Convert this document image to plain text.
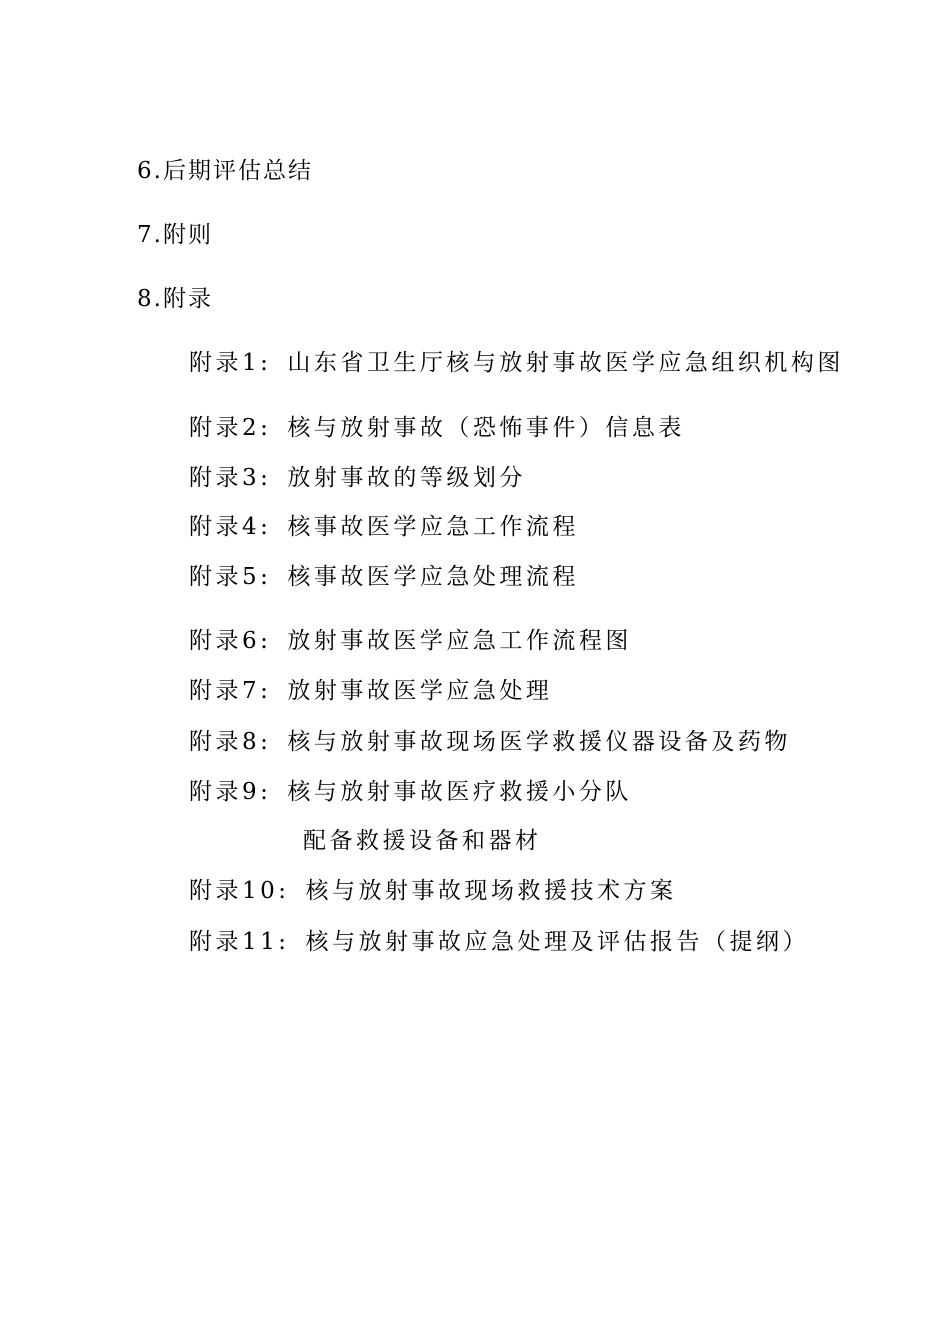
6.后期评估总结
7.附则
8.附录
附录1: 山东省卫生厅核与放射事故医学应急组织机构图
附录2: 核与放射事故（恐怖事件）信息表
附录3: 放射事故的等级划分
附录4: 核事故医学应急工作流程
附录5: 核事故医学应急处理流程
附录6: 放射事故医学应急工作流程图
附录7: 放射事故医学应急处理
附录8: 核与放射事故现场医学救援仪器设备及药物
附录9: 核与放射事故医疗救援小分队
配备救援设备和器材
附录10: 核与放射事故现场救援技术方案
附录11: 核与放射事故应急处理及评估报告（提纲）
